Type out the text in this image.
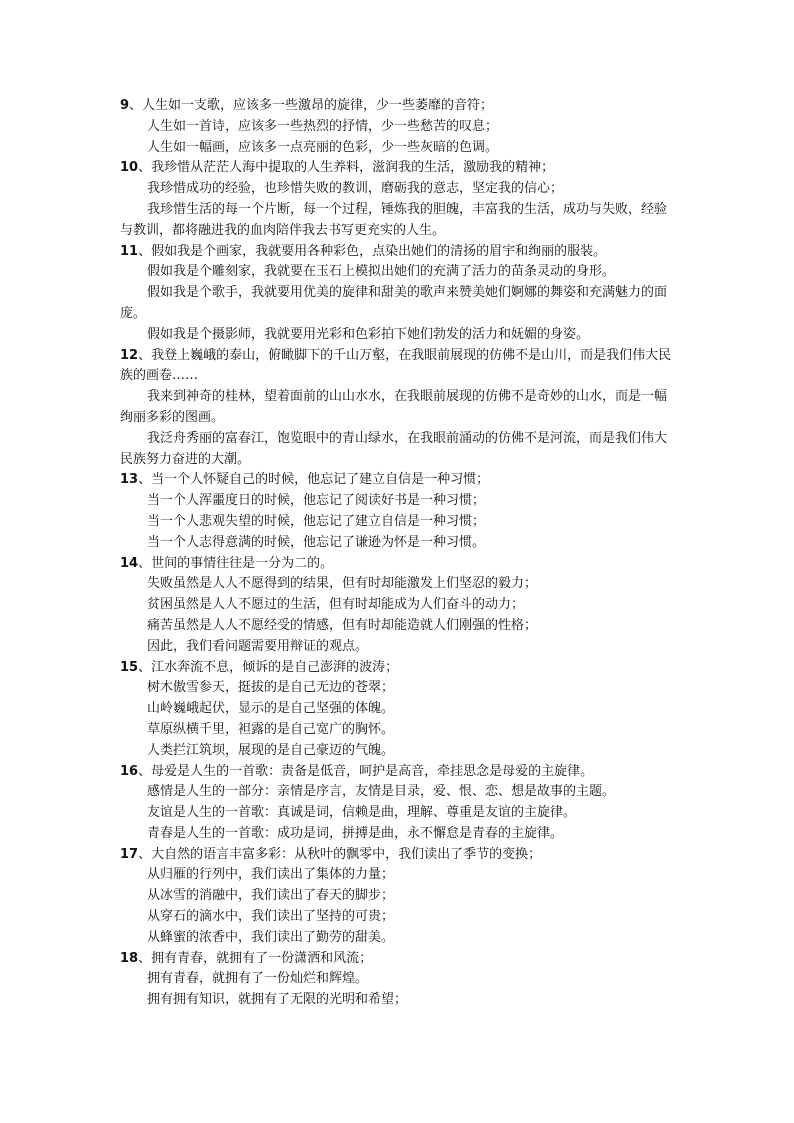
9、人生如一支歌，应该多一些激昂的旋律，少一些萎靡的音符；

人生如一首诗，应该多一些热烈的抒情，少一些愁苦的叹息；

人生如一幅画，应该多一点亮丽的色彩，少一些灰暗的色调。

10、我珍惜从茫茫人海中提取的人生养料，滋润我的生活，激励我的精神；

我珍惜成功的经验，也珍惜失败的教训，磨砺我的意志，坚定我的信心；

我珍惜生活的每一个片断，每一个过程，锤炼我的胆魄，丰富我的生活，成功与失败，经验与教训，都将融进我的血肉陪伴我去书写更充实的人生。

11、假如我是个画家，我就要用各种彩色，点染出她们的清扬的眉宇和绚丽的服装。

假如我是个雕刻家，我就要在玉石上模拟出她们的充满了活力的苗条灵动的身形。

假如我是个歌手，我就要用优美的旋律和甜美的歌声来赞美她们婀娜的舞姿和充满魅力的面庞。

假如我是个摄影师，我就要用光彩和色彩拍下她们勃发的活力和妩媚的身姿。

12、我登上巍峨的泰山，俯瞰脚下的千山万壑，在我眼前展现的仿佛不是山川，而是我们伟大民族的画卷……

我来到神奇的桂林，望着面前的山山水水，在我眼前展现的仿佛不是奇妙的山水，而是一幅绚丽多彩的图画。

我泛舟秀丽的富春江，饱览眼中的青山绿水，在我眼前涌动的仿佛不是河流，而是我们伟大民族努力奋进的大潮。

13、当一个人怀疑自己的时候，他忘记了建立自信是一种习惯；

当一个人浑噩度日的时候，他忘记了阅读好书是一种习惯；

当一个人悲观失望的时候，他忘记了建立自信是一种习惯；

当一个人志得意满的时候，他忘记了谦逊为怀是一种习惯。

14、世间的事情往往是一分为二的。

失败虽然是人人不愿得到的结果，但有时却能激发上们坚忍的毅力；

贫困虽然是人人不愿过的生活，但有时却能成为人们奋斗的动力；

痛苦虽然是人人不愿经受的情感，但有时却能造就人们刚强的性格；

因此，我们看问题需要用辩证的观点。

15、江水奔流不息，倾诉的是自己澎湃的波涛；

树木傲雪参天，挺拔的是自己无边的苍翠；

山岭巍峨起伏，显示的是自己坚强的体魄。

草原纵横千里，袒露的是自己宽广的胸怀。

人类拦江筑坝，展现的是自己豪迈的气魄。

16、母爱是人生的一首歌：责备是低音，呵护是高音，牵挂思念是母爱的主旋律。

感情是人生的一部分：亲情是序言，友情是目录，爱、恨、恋、想是故事的主题。

友谊是人生的一首歌：真诚是词，信赖是曲，理解、尊重是友谊的主旋律。

青春是人生的一首歌：成功是词，拼搏是曲，永不懈怠是青春的主旋律。

17、大自然的语言丰富多彩：从秋叶的飘零中，我们读出了季节的变换；

从归雁的行列中，我们读出了集体的力量；

从冰雪的消融中，我们读出了春天的脚步；

从穿石的滴水中，我们读出了坚持的可贵；

从蜂蜜的浓香中，我们读出了勤劳的甜美。

18、拥有青春，就拥有了一份潇洒和风流；

拥有青春，就拥有了一份灿烂和辉煌。

拥有拥有知识，就拥有了无限的光明和希望；
